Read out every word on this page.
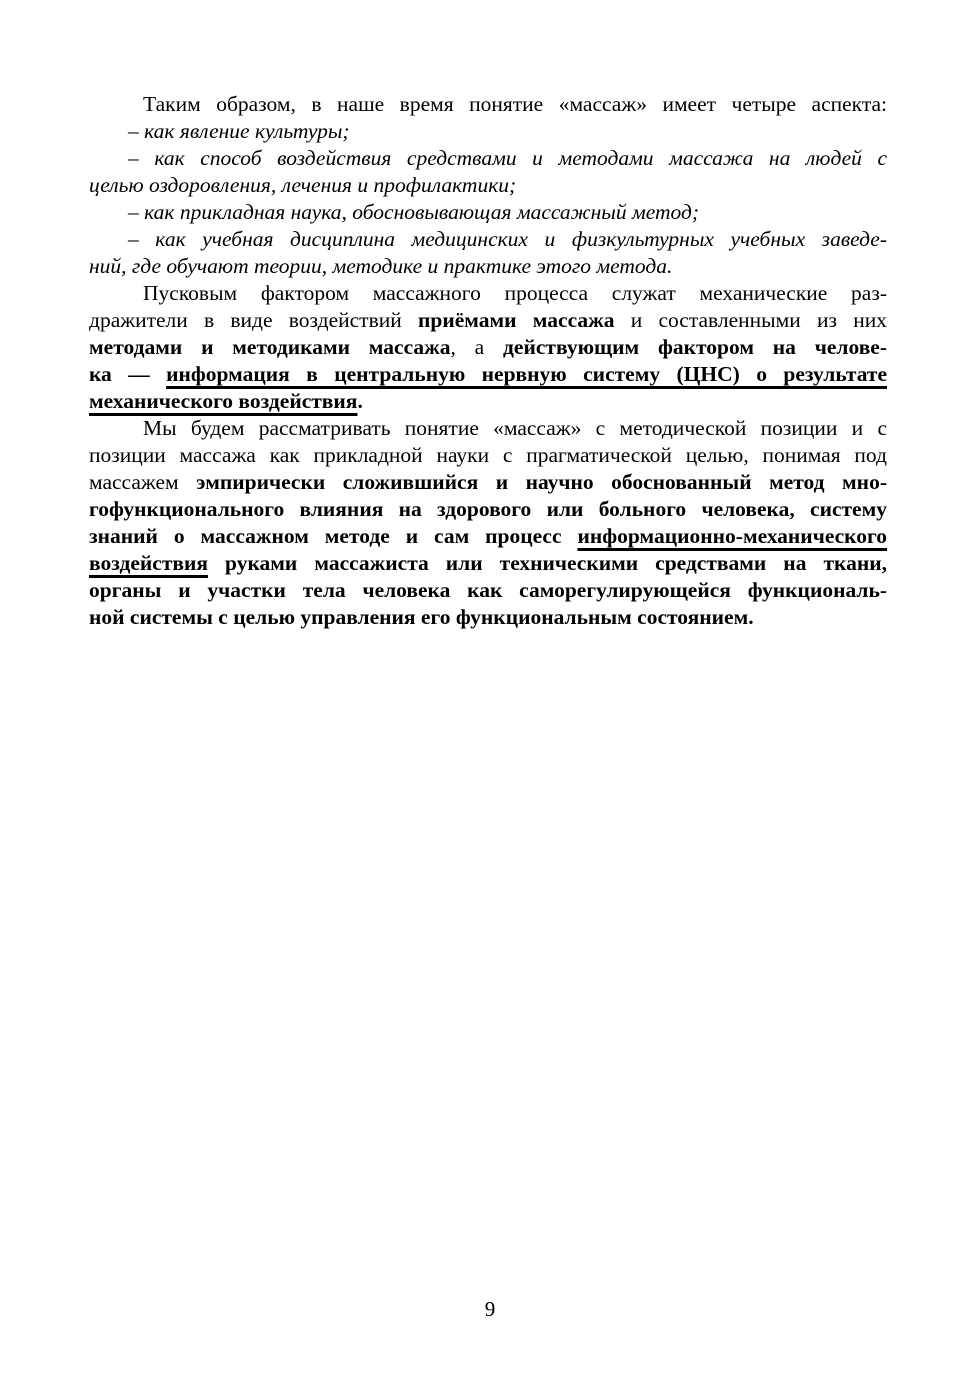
Таким образом, в наше время понятие «массаж» имеет четыре аспекта:
– как явление культуры;
– как способ воздействия средствами и методами массажа на людей с
целью оздоровления, лечения и профилактики;
– как прикладная наука, обосновывающая массажный метод;
– как учебная дисциплина медицинских и физкультурных учебных заведе-
ний, где обучают теории, методике и практике этого метода.
Пусковым фактором массажного процесса служат механические раз-
дражители в виде воздействий приёмами массажа и составленными из них
методами и методиками массажа, а действующим фактором на челове-
ка — информация в центральную нервную систему (ЦНС) о результате
механического воздействия.
Мы будем рассматривать понятие «массаж» с методической позиции и с
позиции массажа как прикладной науки с прагматической целью, понимая под
массажем эмпирически сложившийся и научно обоснованный метод мно-
гофункционального влияния на здорового или больного человека, систему
знаний о массажном методе и сам процесс информационно-механического
воздействия руками массажиста или техническими средствами на ткани,
органы и участки тела человека как саморегулирующейся функциональ-
ной системы с целью управления его функциональным состоянием.
9
